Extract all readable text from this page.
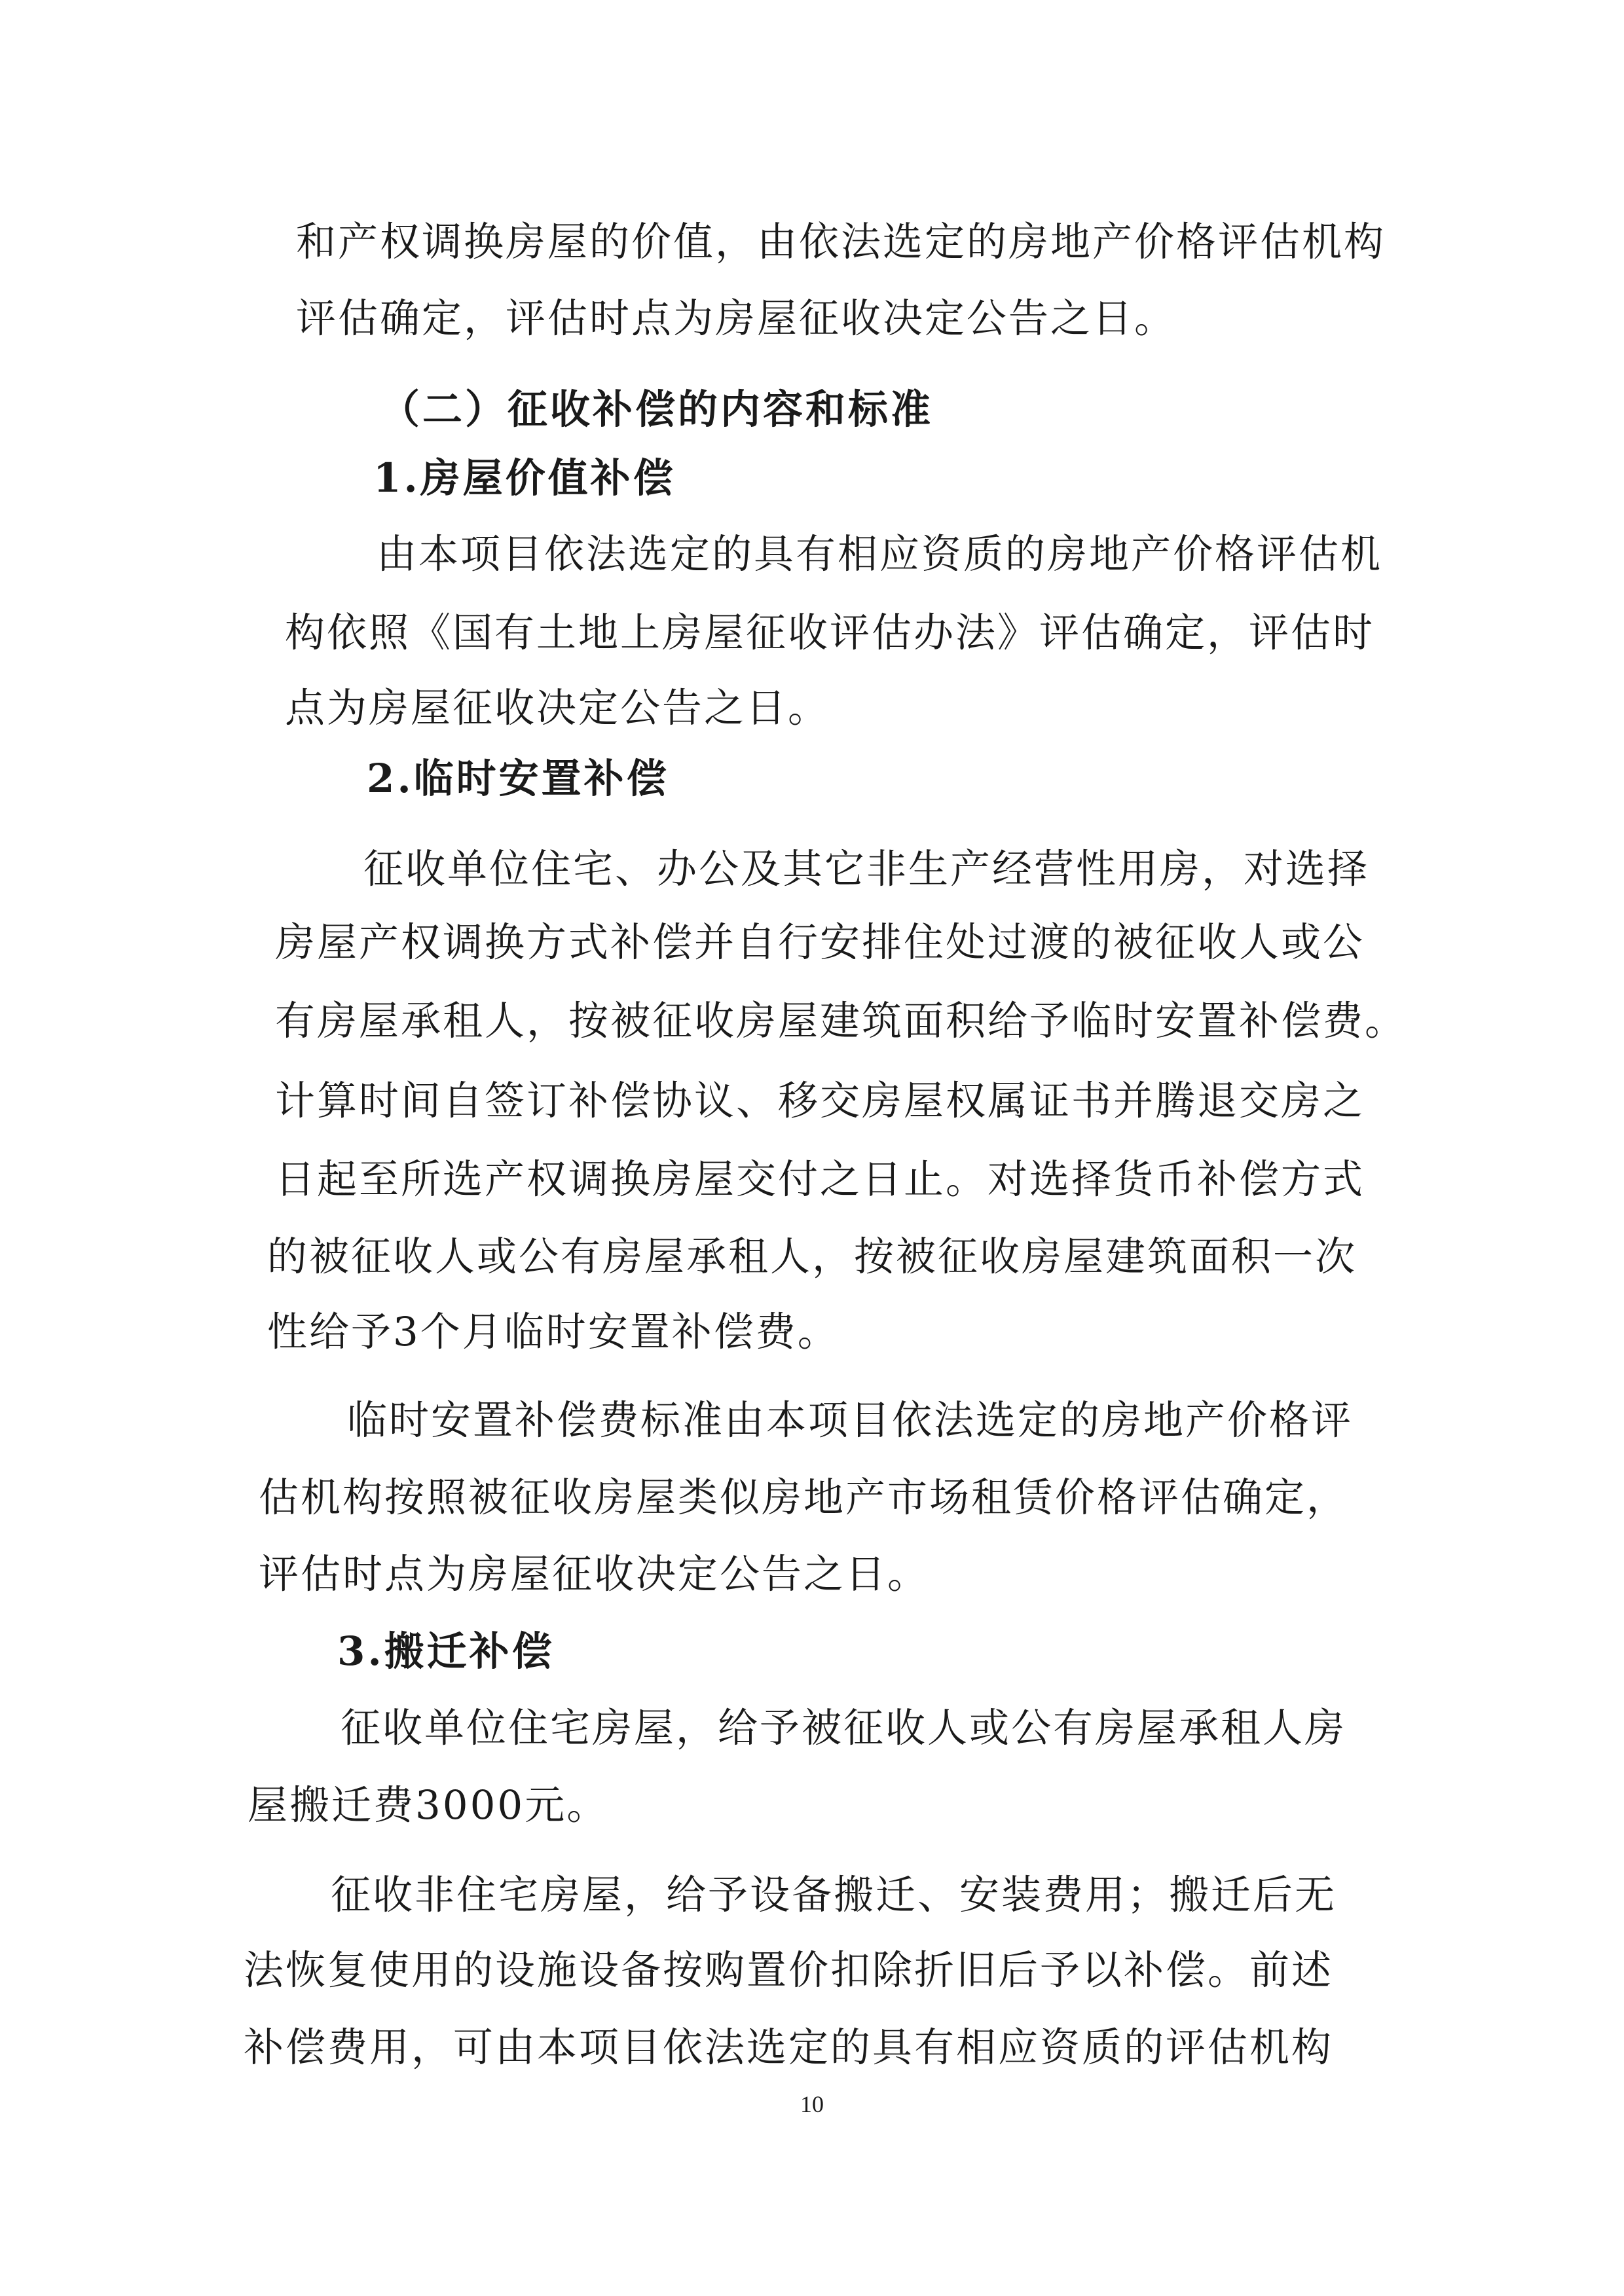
和产权调换房屋的价值，由依法选定的房地产价格评估机构
评估确定，评估时点为房屋征收决定公告之日。
（二）征收补偿的内容和标准
1.房屋价值补偿
由本项目依法选定的具有相应资质的房地产价格评估机
构依照《国有土地上房屋征收评估办法》评估确定，评估时
点为房屋征收决定公告之日。
2.临时安置补偿
征收单位住宅、办公及其它非生产经营性用房，对选择
房屋产权调换方式补偿并自行安排住处过渡的被征收人或公
有房屋承租人，按被征收房屋建筑面积给予临时安置补偿费。
计算时间自签订补偿协议、移交房屋权属证书并腾退交房之
日起至所选产权调换房屋交付之日止。对选择货币补偿方式
的被征收人或公有房屋承租人，按被征收房屋建筑面积一次
性给予3个月临时安置补偿费。
临时安置补偿费标准由本项目依法选定的房地产价格评
估机构按照被征收房屋类似房地产市场租赁价格评估确定，
评估时点为房屋征收决定公告之日。
3.搬迁补偿
征收单位住宅房屋，给予被征收人或公有房屋承租人房
屋搬迁费3000元。
征收非住宅房屋，给予设备搬迁、安装费用；搬迁后无
法恢复使用的设施设备按购置价扣除折旧后予以补偿。前述
补偿费用，可由本项目依法选定的具有相应资质的评估机构
10
